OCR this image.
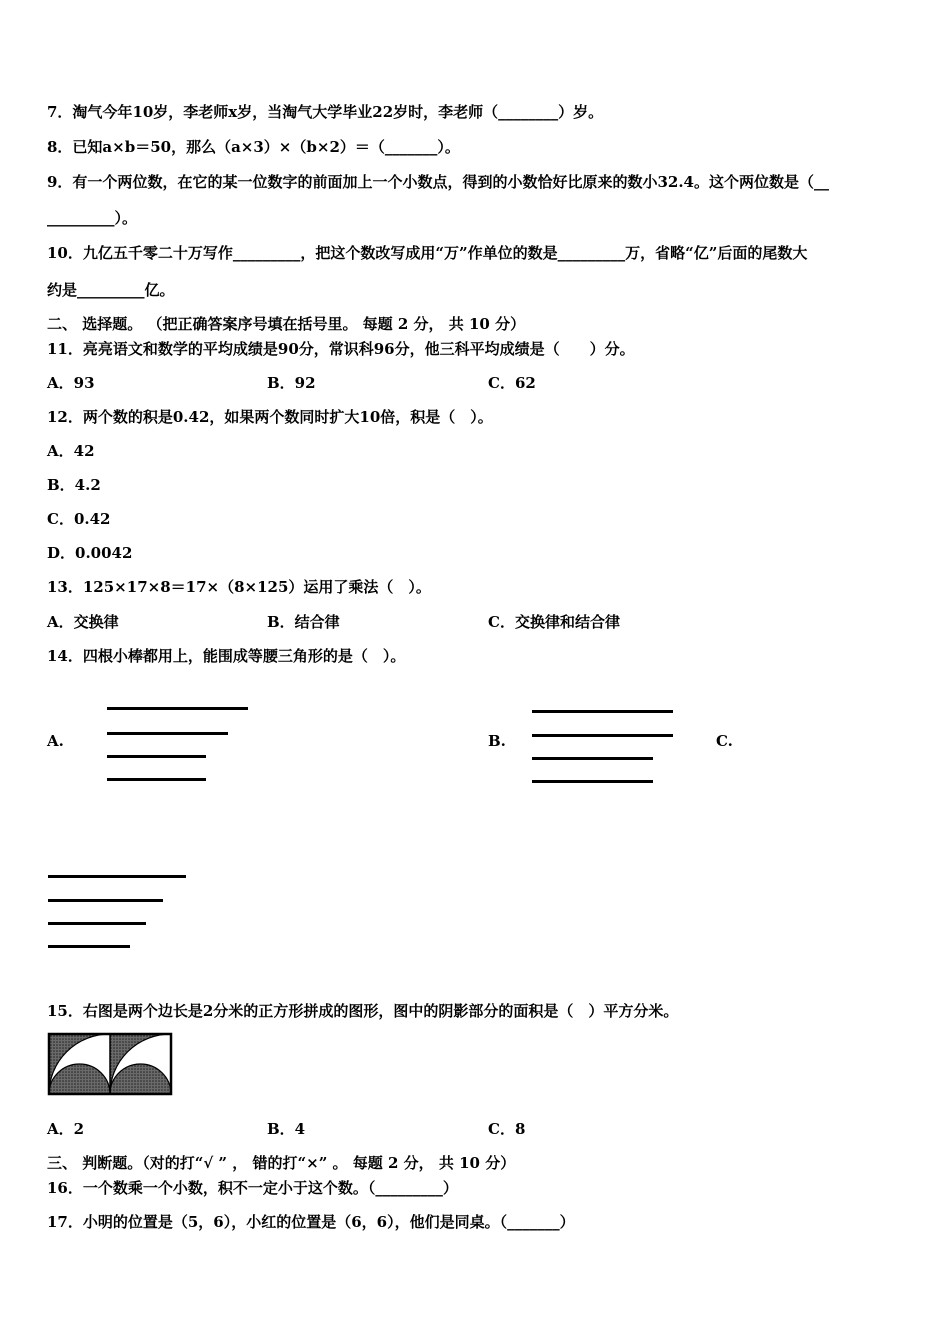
7．淘气今年10岁，李老师x岁，当淘气大学毕业22岁时，李老师（________）岁。
8．已知a×b＝50，那么（a×3）×（b×2）＝（_______）。
9．有一个两位数，在它的某一位数字的前面加上一个小数点，得到的小数恰好比原来的数小32.4。这个两位数是（__
_________）。
10．九亿五千零二十万写作_________，把这个数改写成用“万”作单位的数是_________万，省略“亿”后面的尾数大
约是_________亿。
二、 选择题。 （把正确答案序号填在括号里。 每题 2 分， 共 10 分）
11．亮亮语文和数学的平均成绩是90分，常识科96分，他三科平均成绩是（　　）分。
A．93	B．92	C．62
12．两个数的积是0.42，如果两个数同时扩大10倍，积是（　）。
A．42
B．4.2
C．0.42
D．0.0042
13．125×17×8＝17×（8×125）运用了乘法（　）。
A．交换律	B．结合律	C．交换律和结合律
14．四根小棒都用上，能围成等腰三角形的是（　）。
A.	B.	C.
15．右图是两个边长是2分米的正方形拼成的图形，图中的阴影部分的面积是（　）平方分米。
A．2	B．4	C．8
三、 判断题。（对的打“√ ” ， 错的打“×” 。 每题 2 分， 共 10 分）
16．一个数乘一个小数，积不一定小于这个数。（_________）
17．小明的位置是（5，6），小红的位置是（6，6），他们是同桌。（_______）
